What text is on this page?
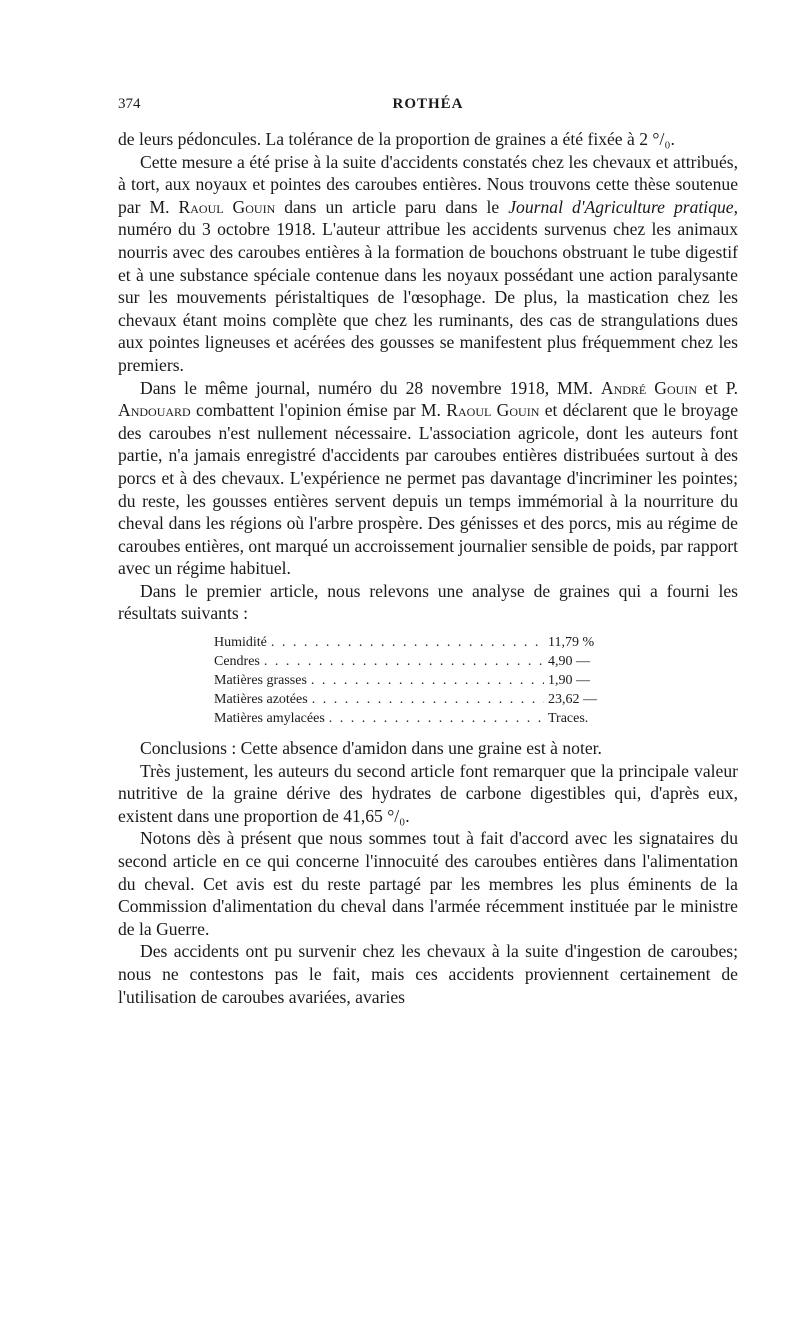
374	ROTHÉA

de leurs pédoncules. La tolérance de la proportion de graines a été fixée à 2 °/₀.

Cette mesure a été prise à la suite d'accidents constatés chez les chevaux et attribués, à tort, aux noyaux et pointes des caroubes entières. Nous trouvons cette thèse soutenue par M. Raoul Gouin dans un article paru dans le Journal d'Agriculture pratique, numéro du 3 octobre 1918. L'auteur attribue les accidents survenus chez les animaux nourris avec des caroubes entières à la formation de bouchons obstruant le tube digestif et à une substance spéciale contenue dans les noyaux possédant une action paralysante sur les mouvements péristaltiques de l'œsophage. De plus, la mastication chez les chevaux étant moins complète que chez les ruminants, des cas de strangulations dues aux pointes ligneuses et acérées des gousses se manifestent plus fréquemment chez les premiers.

Dans le même journal, numéro du 28 novembre 1918, MM. André Gouin et P. Andouard combattent l'opinion émise par M. Raoul Gouin et déclarent que le broyage des caroubes n'est nullement nécessaire. L'association agricole, dont les auteurs font partie, n'a jamais enregistré d'accidents par caroubes entières distribuées surtout à des porcs et à des chevaux. L'expérience ne permet pas davantage d'incriminer les pointes; du reste, les gousses entières servent depuis un temps immémorial à la nourriture du cheval dans les régions où l'arbre prospère. Des génisses et des porcs, mis au régime de caroubes entières, ont marqué un accroissement journalier sensible de poids, par rapport avec un régime habituel.

Dans le premier article, nous relevons une analyse de graines qui a fourni les résultats suivants :

Humidité . . .	11,79 %
Cendres . . .	4,90 —
Matières grasses . . .	1,90 —
Matières azotées . . .	23,62 —
Matières amylacées . . .	Traces.

Conclusions : Cette absence d'amidon dans une graine est à noter.

Très justement, les auteurs du second article font remarquer que la principale valeur nutritive de la graine dérive des hydrates de carbone digestibles qui, d'après eux, existent dans une proportion de 41,65 °/₀.

Notons dès à présent que nous sommes tout à fait d'accord avec les signataires du second article en ce qui concerne l'innocuité des caroubes entières dans l'alimentation du cheval. Cet avis est du reste partagé par les membres les plus éminents de la Commission d'alimentation du cheval dans l'armée récemment instituée par le ministre de la Guerre.

Des accidents ont pu survenir chez les chevaux à la suite d'ingestion de caroubes; nous ne contestons pas le fait, mais ces accidents proviennent certainement de l'utilisation de caroubes avariées, avaries
